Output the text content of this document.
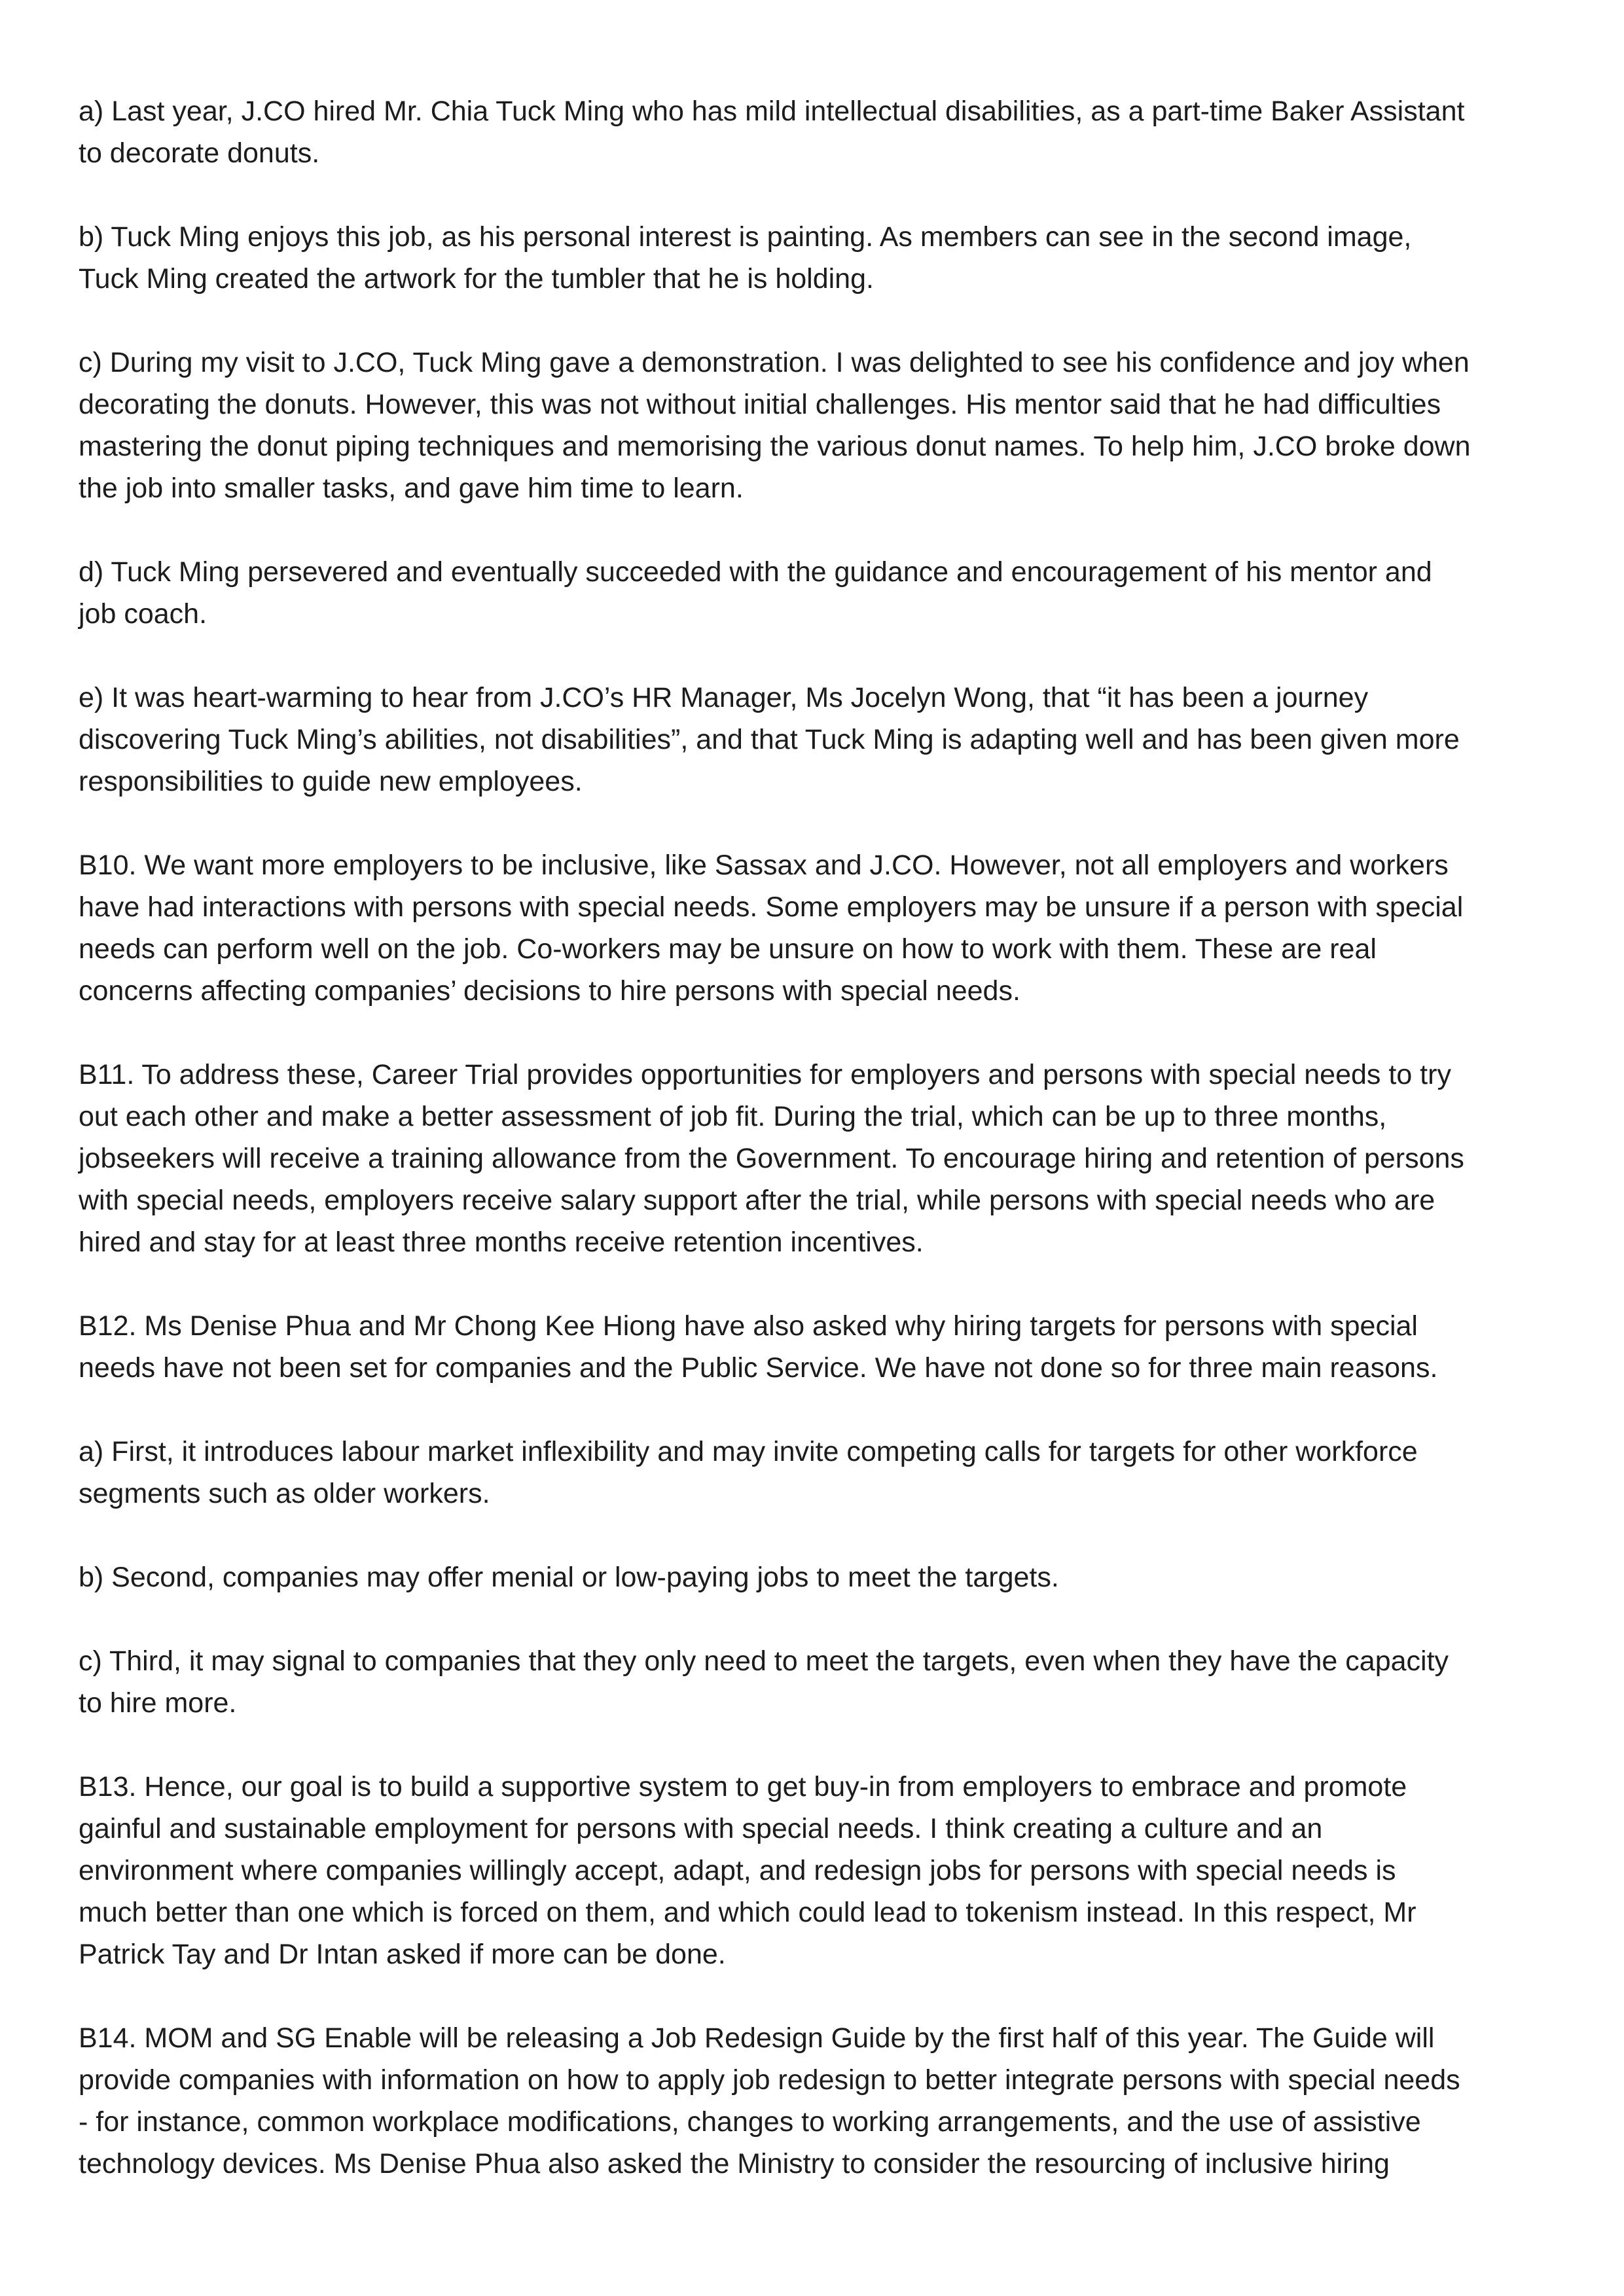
a) Last year, J.CO hired Mr. Chia Tuck Ming who has mild intellectual disabilities, as a part-time Baker Assistant
to decorate donuts.

b) Tuck Ming enjoys this job, as his personal interest is painting. As members can see in the second image,
Tuck Ming created the artwork for the tumbler that he is holding.

c) During my visit to J.CO, Tuck Ming gave a demonstration. I was delighted to see his confidence and joy when
decorating the donuts. However, this was not without initial challenges. His mentor said that he had difficulties
mastering the donut piping techniques and memorising the various donut names. To help him, J.CO broke down
the job into smaller tasks, and gave him time to learn.

d) Tuck Ming persevered and eventually succeeded with the guidance and encouragement of his mentor and
job coach.

e) It was heart-warming to hear from J.CO’s HR Manager, Ms Jocelyn Wong, that “it has been a journey
discovering Tuck Ming’s abilities, not disabilities”, and that Tuck Ming is adapting well and has been given more
responsibilities to guide new employees.

B10. We want more employers to be inclusive, like Sassax and J.CO. However, not all employers and workers
have had interactions with persons with special needs. Some employers may be unsure if a person with special
needs can perform well on the job. Co-workers may be unsure on how to work with them. These are real
concerns affecting companies’ decisions to hire persons with special needs.

B11. To address these, Career Trial provides opportunities for employers and persons with special needs to try
out each other and make a better assessment of job fit. During the trial, which can be up to three months,
jobseekers will receive a training allowance from the Government. To encourage hiring and retention of persons
with special needs, employers receive salary support after the trial, while persons with special needs who are
hired and stay for at least three months receive retention incentives.

B12. Ms Denise Phua and Mr Chong Kee Hiong have also asked why hiring targets for persons with special
needs have not been set for companies and the Public Service. We have not done so for three main reasons.

a) First, it introduces labour market inflexibility and may invite competing calls for targets for other workforce
segments such as older workers.

b) Second, companies may offer menial or low-paying jobs to meet the targets.

c) Third, it may signal to companies that they only need to meet the targets, even when they have the capacity
to hire more.

B13. Hence, our goal is to build a supportive system to get buy-in from employers to embrace and promote
gainful and sustainable employment for persons with special needs. I think creating a culture and an
environment where companies willingly accept, adapt, and redesign jobs for persons with special needs is
much better than one which is forced on them, and which could lead to tokenism instead. In this respect, Mr
Patrick Tay and Dr Intan asked if more can be done.

B14. MOM and SG Enable will be releasing a Job Redesign Guide by the first half of this year. The Guide will
provide companies with information on how to apply job redesign to better integrate persons with special needs
- for instance, common workplace modifications, changes to working arrangements, and the use of assistive
technology devices. Ms Denise Phua also asked the Ministry to consider the resourcing of inclusive hiring
